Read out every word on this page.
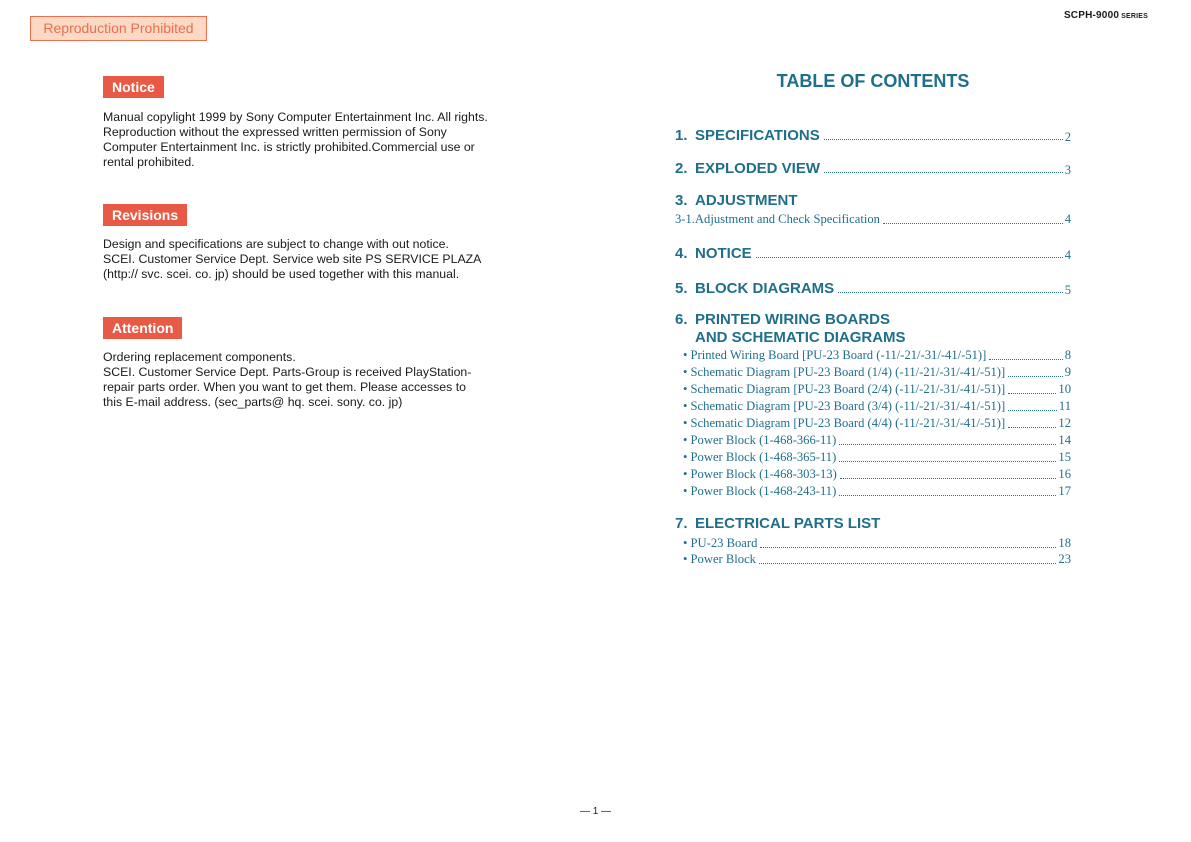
Reproduction Prohibited
SCPH-9000 SERIES
Notice
Manual copylight 1999 by Sony Computer Entertainment Inc. All rights.
Reproduction without the expressed written permission of Sony
Computer Entertainment Inc. is strictly prohibited.Commercial use or
rental prohibited.
Revisions
Design and specifications are subject to change with out notice.
SCEI. Customer Service Dept. Service web site PS SERVICE PLAZA
(http:// svc. scei. co. jp) should be used together with this manual.
Attention
Ordering replacement components.
SCEI. Customer Service Dept. Parts-Group is received PlayStation-
repair parts order. When you want to get them. Please accesses to
this E-mail address. (sec_parts@ hq. scei. sony. co. jp)
TABLE OF CONTENTS
1. SPECIFICATIONS	2
2. EXPLODED VIEW	3
3. ADJUSTMENT
3-1.Adjustment and Check Specification	4
4. NOTICE	4
5. BLOCK DIAGRAMS	5
6. PRINTED WIRING BOARDS
AND SCHEMATIC DIAGRAMS
• Printed Wiring Board [PU-23 Board (-11/-21/-31/-41/-51)]	8
• Schematic Diagram [PU-23 Board (1/4) (-11/-21/-31/-41/-51)]	9
• Schematic Diagram [PU-23 Board (2/4) (-11/-21/-31/-41/-51)]	10
• Schematic Diagram [PU-23 Board (3/4) (-11/-21/-31/-41/-51)]	11
• Schematic Diagram [PU-23 Board (4/4) (-11/-21/-31/-41/-51)]	12
• Power Block (1-468-366-11)	14
• Power Block (1-468-365-11)	15
• Power Block (1-468-303-13)	16
• Power Block (1-468-243-11)	17
7. ELECTRICAL PARTS LIST
• PU-23 Board	18
• Power Block	23
— 1 —
